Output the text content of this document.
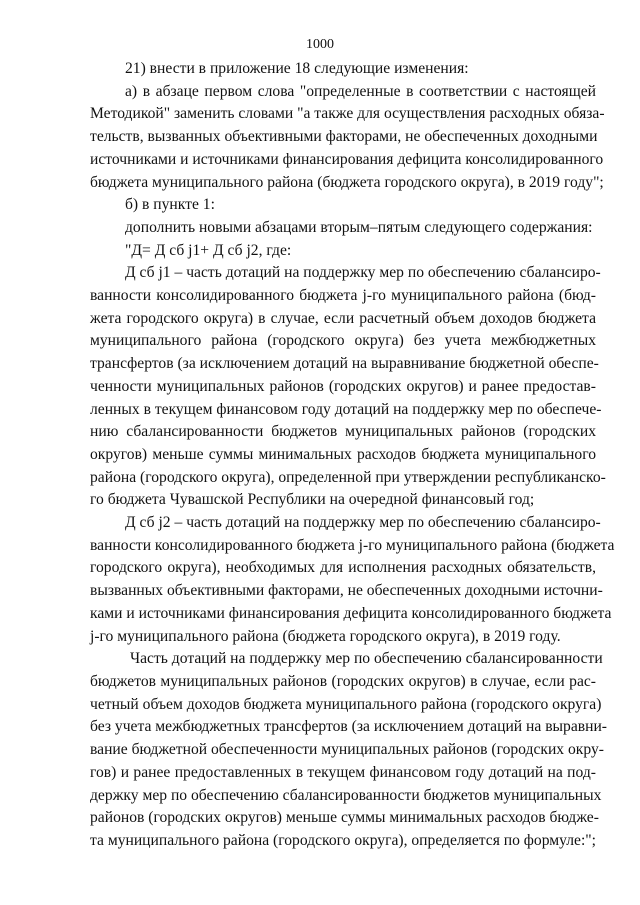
1000
21) внести в приложение 18 следующие изменения:
а) в абзаце первом слова "определенные в соответствии с настоящей
Методикой" заменить словами "а также для осуществления расходных обяза-
тельств, вызванных объективными факторами, не обеспеченных доходными
источниками и источниками финансирования дефицита консолидированного
бюджета муниципального района (бюджета городского округа), в 2019 году";
б) в пункте 1:
дополнить новыми абзацами вторым–пятым следующего содержания:
"Д= Д сб j1+ Д сб j2, где:
Д сб j1 – часть дотаций на поддержку мер по обеспечению сбалансиро-
ванности консолидированного бюджета j-го муниципального района (бюд-
жета городского округа) в случае, если расчетный объем доходов бюджета
муниципального района (городского округа) без учета межбюджетных
трансфертов (за исключением дотаций на выравнивание бюджетной обеспе-
ченности муниципальных районов (городских округов) и ранее предостав-
ленных в текущем финансовом году дотаций на поддержку мер по обеспече-
нию сбалансированности бюджетов муниципальных районов (городских
округов) меньше суммы минимальных расходов бюджета муниципального
района (городского округа), определенной при утверждении республиканско-
го бюджета Чувашской Республики на очередной финансовый год;
Д сб j2 – часть дотаций на поддержку мер по обеспечению сбалансиро-
ванности консолидированного бюджета j-го муниципального района (бюджета
городского округа), необходимых для исполнения расходных обязательств,
вызванных объективными факторами, не обеспеченных доходными источни-
ками и источниками финансирования дефицита консолидированного бюджета
j-го муниципального района (бюджета городского округа), в 2019 году.
Часть дотаций на поддержку мер по обеспечению сбалансированности
бюджетов муниципальных районов (городских округов) в случае, если рас-
четный объем доходов бюджета муниципального района (городского округа)
без учета межбюджетных трансфертов (за исключением дотаций на выравни-
вание бюджетной обеспеченности муниципальных районов (городских окру-
гов) и ранее предоставленных в текущем финансовом году дотаций на под-
держку мер по обеспечению сбалансированности бюджетов муниципальных
районов (городских округов) меньше суммы минимальных расходов бюдже-
та муниципального района (городского округа), определяется по формуле:";
